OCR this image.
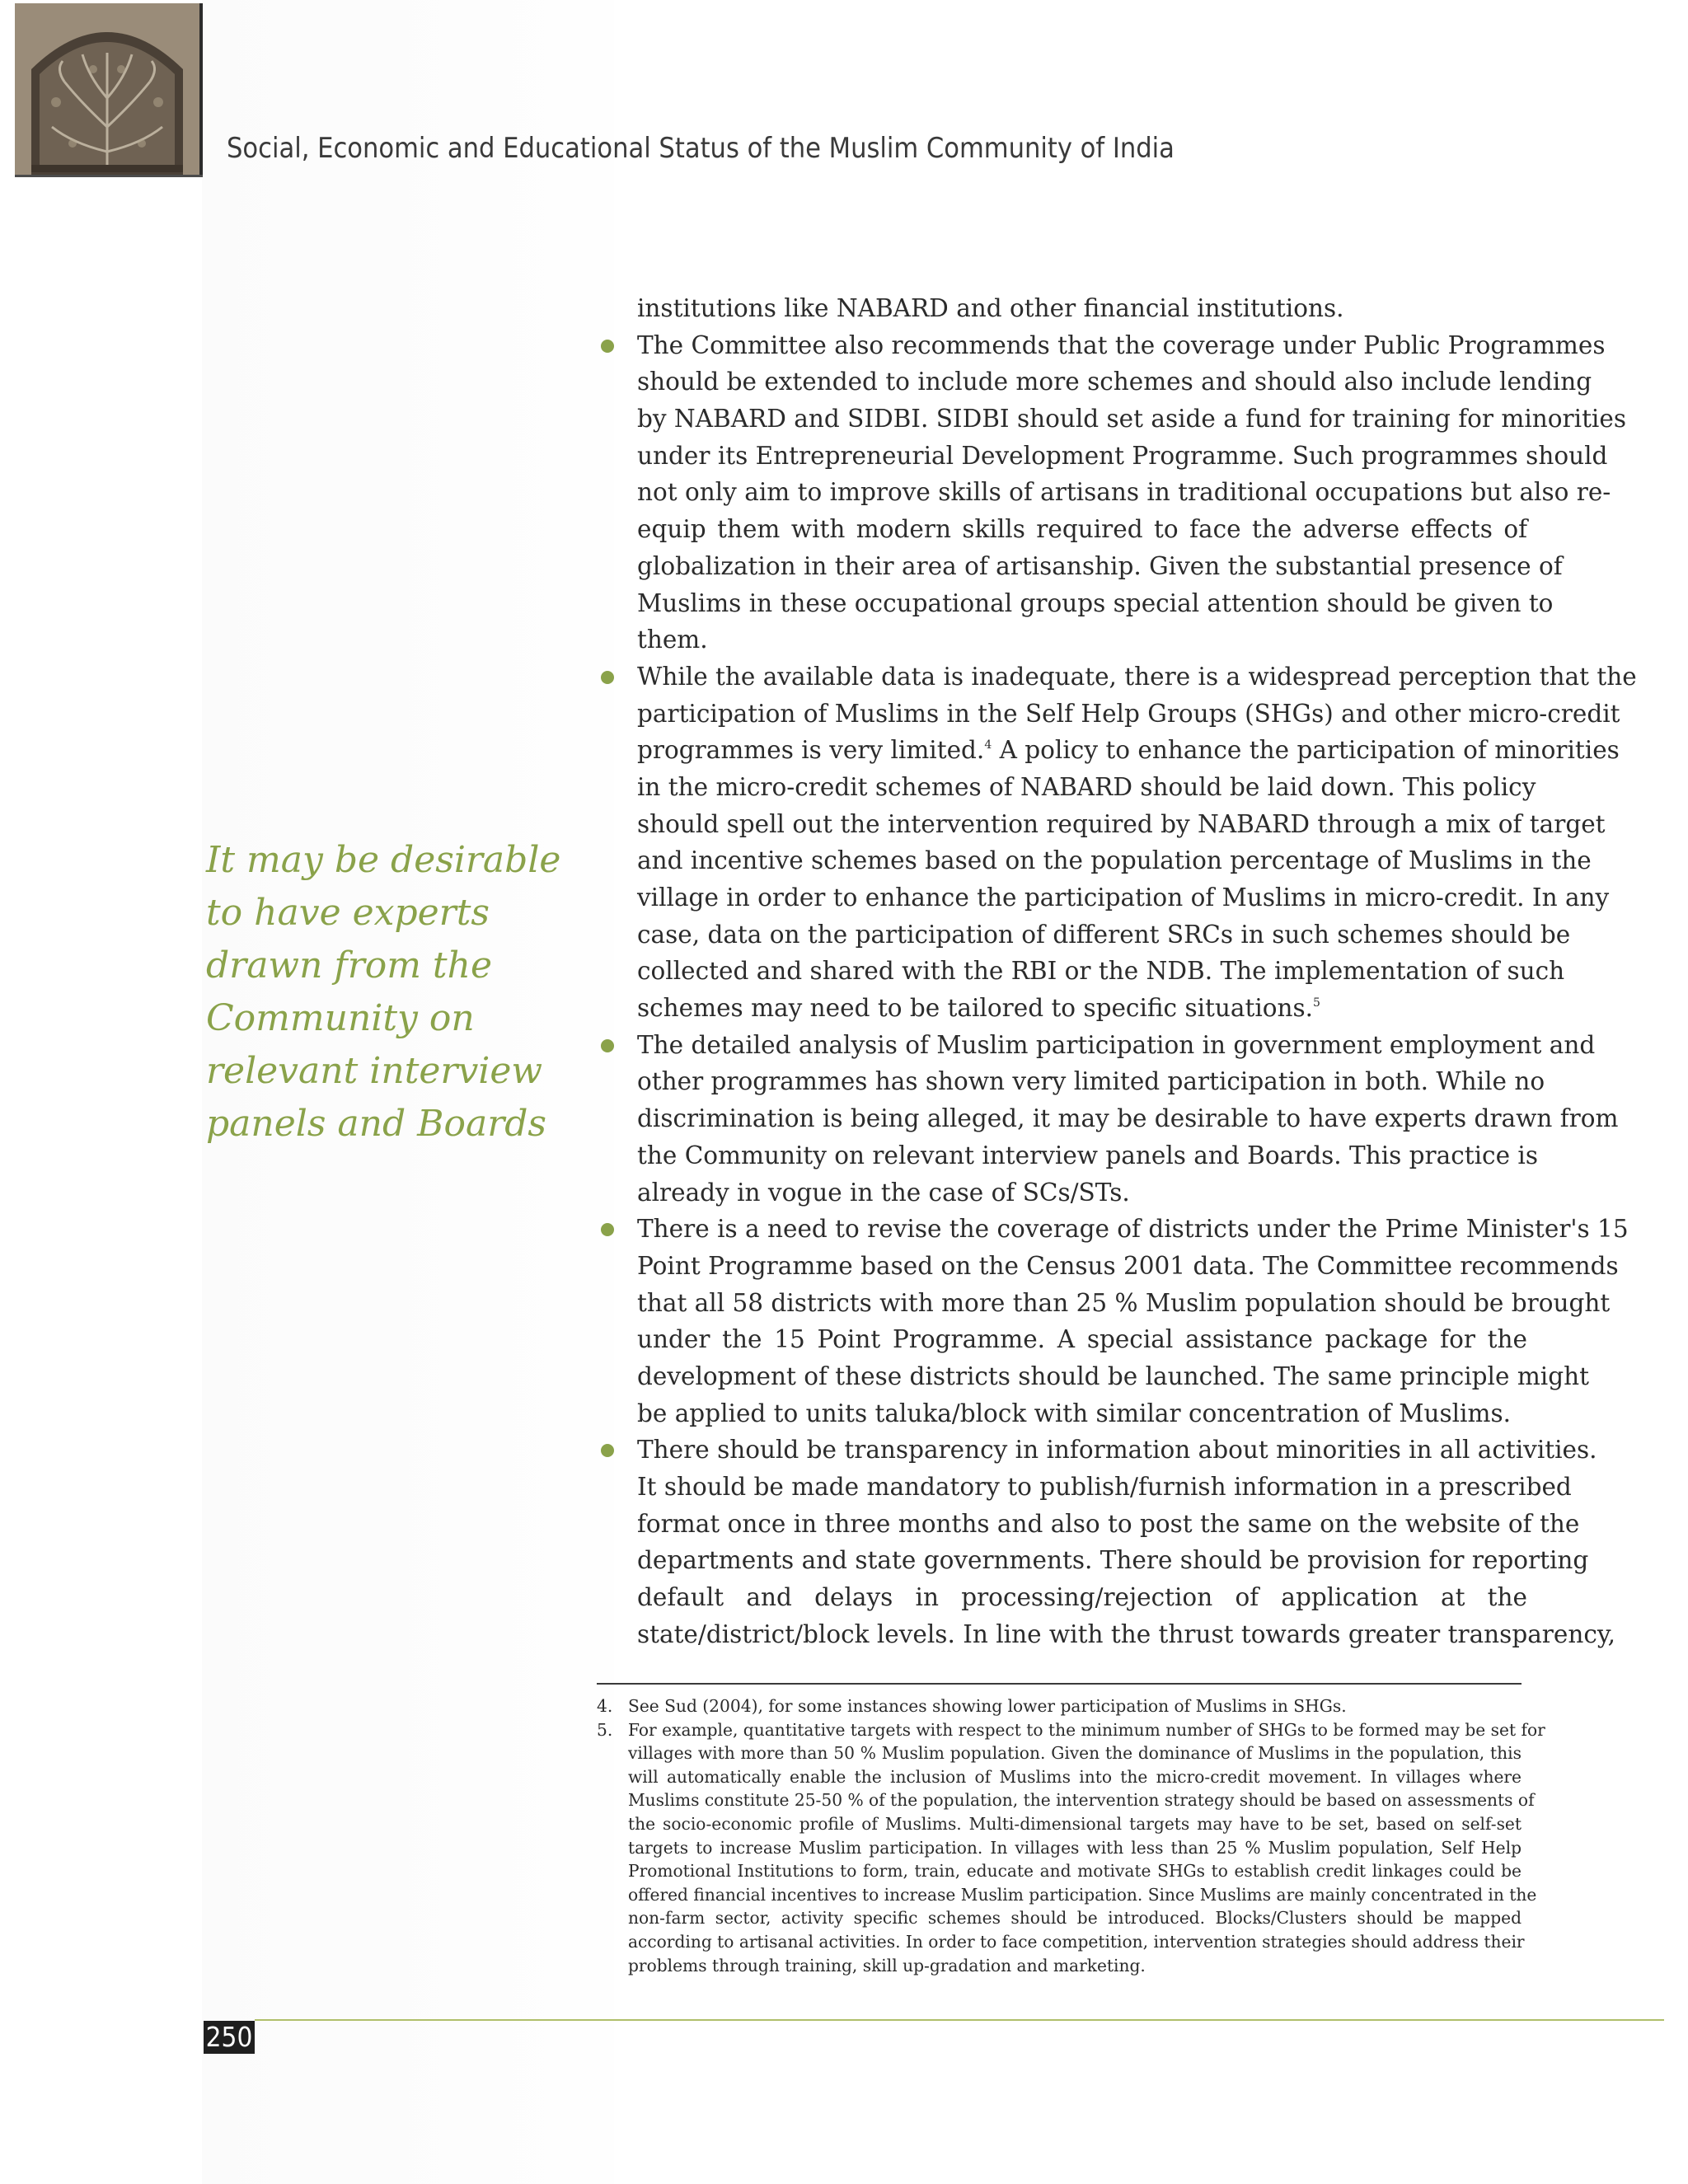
Social, Economic and Educational Status of the Muslim Community of India
It may be desirable
to have experts
drawn from the
Community on
relevant interview
panels and Boards
institutions like NABARD and other financial institutions.
The Committee also recommends that the coverage under Public Programmes
should be extended to include more schemes and should also include lending
by NABARD and SIDBI. SIDBI should set aside a fund for training for minorities
under its Entrepreneurial Development Programme. Such programmes should
not only aim to improve skills of artisans in traditional occupations but also re-
equip them with modern skills required to face the adverse effects of
globalization in their area of artisanship. Given the substantial presence of
Muslims in these occupational groups special attention should be given to
them.
While the available data is inadequate, there is a widespread perception that the
participation of Muslims in the Self Help Groups (SHGs) and other micro-credit
programmes is very limited.$^4$ A policy to enhance the participation of minorities
in the micro-credit schemes of NABARD should be laid down. This policy
should spell out the intervention required by NABARD through a mix of target
and incentive schemes based on the population percentage of Muslims in the
village in order to enhance the participation of Muslims in micro-credit. In any
case, data on the participation of different SRCs in such schemes should be
collected and shared with the RBI or the NDB. The implementation of such
schemes may need to be tailored to specific situations.$^5$
The detailed analysis of Muslim participation in government employment and
other programmes has shown very limited participation in both. While no
discrimination is being alleged, it may be desirable to have experts drawn from
the Community on relevant interview panels and Boards. This practice is
already in vogue in the case of SCs/STs.
There is a need to revise the coverage of districts under the Prime Minister's 15
Point Programme based on the Census 2001 data. The Committee recommends
that all 58 districts with more than 25 % Muslim population should be brought
under the 15 Point Programme. A special assistance package for the
development of these districts should be launched. The same principle might
be applied to units taluka/block with similar concentration of Muslims.
There should be transparency in information about minorities in all activities.
It should be made mandatory to publish/furnish information in a prescribed
format once in three months and also to post the same on the website of the
departments and state governments. There should be provision for reporting
default and delays in processing/rejection of application at the
state/district/block levels. In line with the thrust towards greater transparency,
4. See Sud (2004), for some instances showing lower participation of Muslims in SHGs.
5. For example, quantitative targets with respect to the minimum number of SHGs to be formed may be set for
villages with more than 50 % Muslim population. Given the dominance of Muslims in the population, this
will automatically enable the inclusion of Muslims into the micro-credit movement. In villages where
Muslims constitute 25-50 % of the population, the intervention strategy should be based on assessments of
the socio-economic profile of Muslims. Multi-dimensional targets may have to be set, based on self-set
targets to increase Muslim participation. In villages with less than 25 % Muslim population, Self Help
Promotional Institutions to form, train, educate and motivate SHGs to establish credit linkages could be
offered financial incentives to increase Muslim participation. Since Muslims are mainly concentrated in the
non-farm sector, activity specific schemes should be introduced. Blocks/Clusters should be mapped
according to artisanal activities. In order to face competition, intervention strategies should address their
problems through training, skill up-gradation and marketing.
250
